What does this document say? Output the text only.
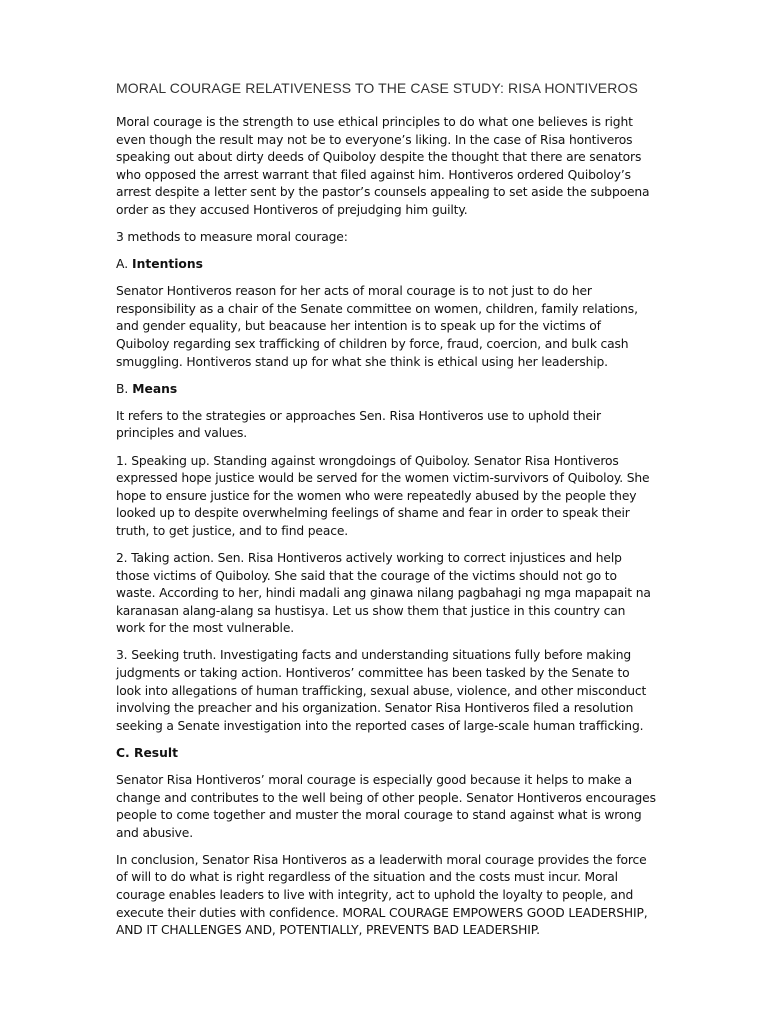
MORAL COURAGE RELATIVENESS TO THE CASE STUDY: RISA HONTIVEROS

Moral courage is the strength to use ethical principles to do what one believes is right even though the result may not be to everyone’s liking. In the case of Risa hontiveros speaking out about dirty deeds of Quiboloy despite the thought that there are senators who opposed the arrest warrant that filed against him. Hontiveros ordered Quiboloy’s arrest despite a letter sent by the pastor’s counsels appealing to set aside the subpoena order as they accused Hontiveros of prejudging him guilty.

3 methods to measure moral courage:

A. Intentions

Senator Hontiveros reason for her acts of moral courage is to not just to do her responsibility as a chair of the Senate committee on women, children, family relations, and gender equality, but beacause her intention is to speak up for the victims of Quiboloy regarding sex trafficking of children by force, fraud, coercion, and bulk cash smuggling. Hontiveros stand up for what she think is ethical using her leadership.

B. Means

It refers to the strategies or approaches Sen. Risa Hontiveros use to uphold their principles and values.

1. Speaking up. Standing against wrongdoings of Quiboloy. Senator Risa Hontiveros expressed hope justice would be served for the women victim-survivors of Quiboloy. She hope to ensure justice for the women who were repeatedly abused by the people they looked up to despite overwhelming feelings of shame and fear in order to speak their truth, to get justice, and to find peace.

2. Taking action. Sen. Risa Hontiveros actively working to correct injustices and help those victims of Quiboloy. She said that the courage of the victims should not go to waste. According to her, hindi madali ang ginawa nilang pagbahagi ng mga mapapait na karanasan alang-alang sa hustisya. Let us show them that justice in this country can work for the most vulnerable.

3. Seeking truth. Investigating facts and understanding situations fully before making judgments or taking action. Hontiveros’ committee has been tasked by the Senate to look into allegations of human trafficking, sexual abuse, violence, and other misconduct involving the preacher and his organization. Senator Risa Hontiveros filed a resolution seeking a Senate investigation into the reported cases of large-scale human trafficking.

C. Result

Senator Risa Hontiveros’ moral courage is especially good because it helps to make a change and contributes to the well being of other people. Senator Hontiveros encourages people to come together and muster the moral courage to stand against what is wrong and abusive.

In conclusion, Senator Risa Hontiveros as a leaderwith moral courage provides the force of will to do what is right regardless of the situation and the costs must incur. Moral courage enables leaders to live with integrity, act to uphold the loyalty to people, and execute their duties with confidence. MORAL COURAGE EMPOWERS GOOD LEADERSHIP, AND IT CHALLENGES AND, POTENTIALLY, PREVENTS BAD LEADERSHIP.
